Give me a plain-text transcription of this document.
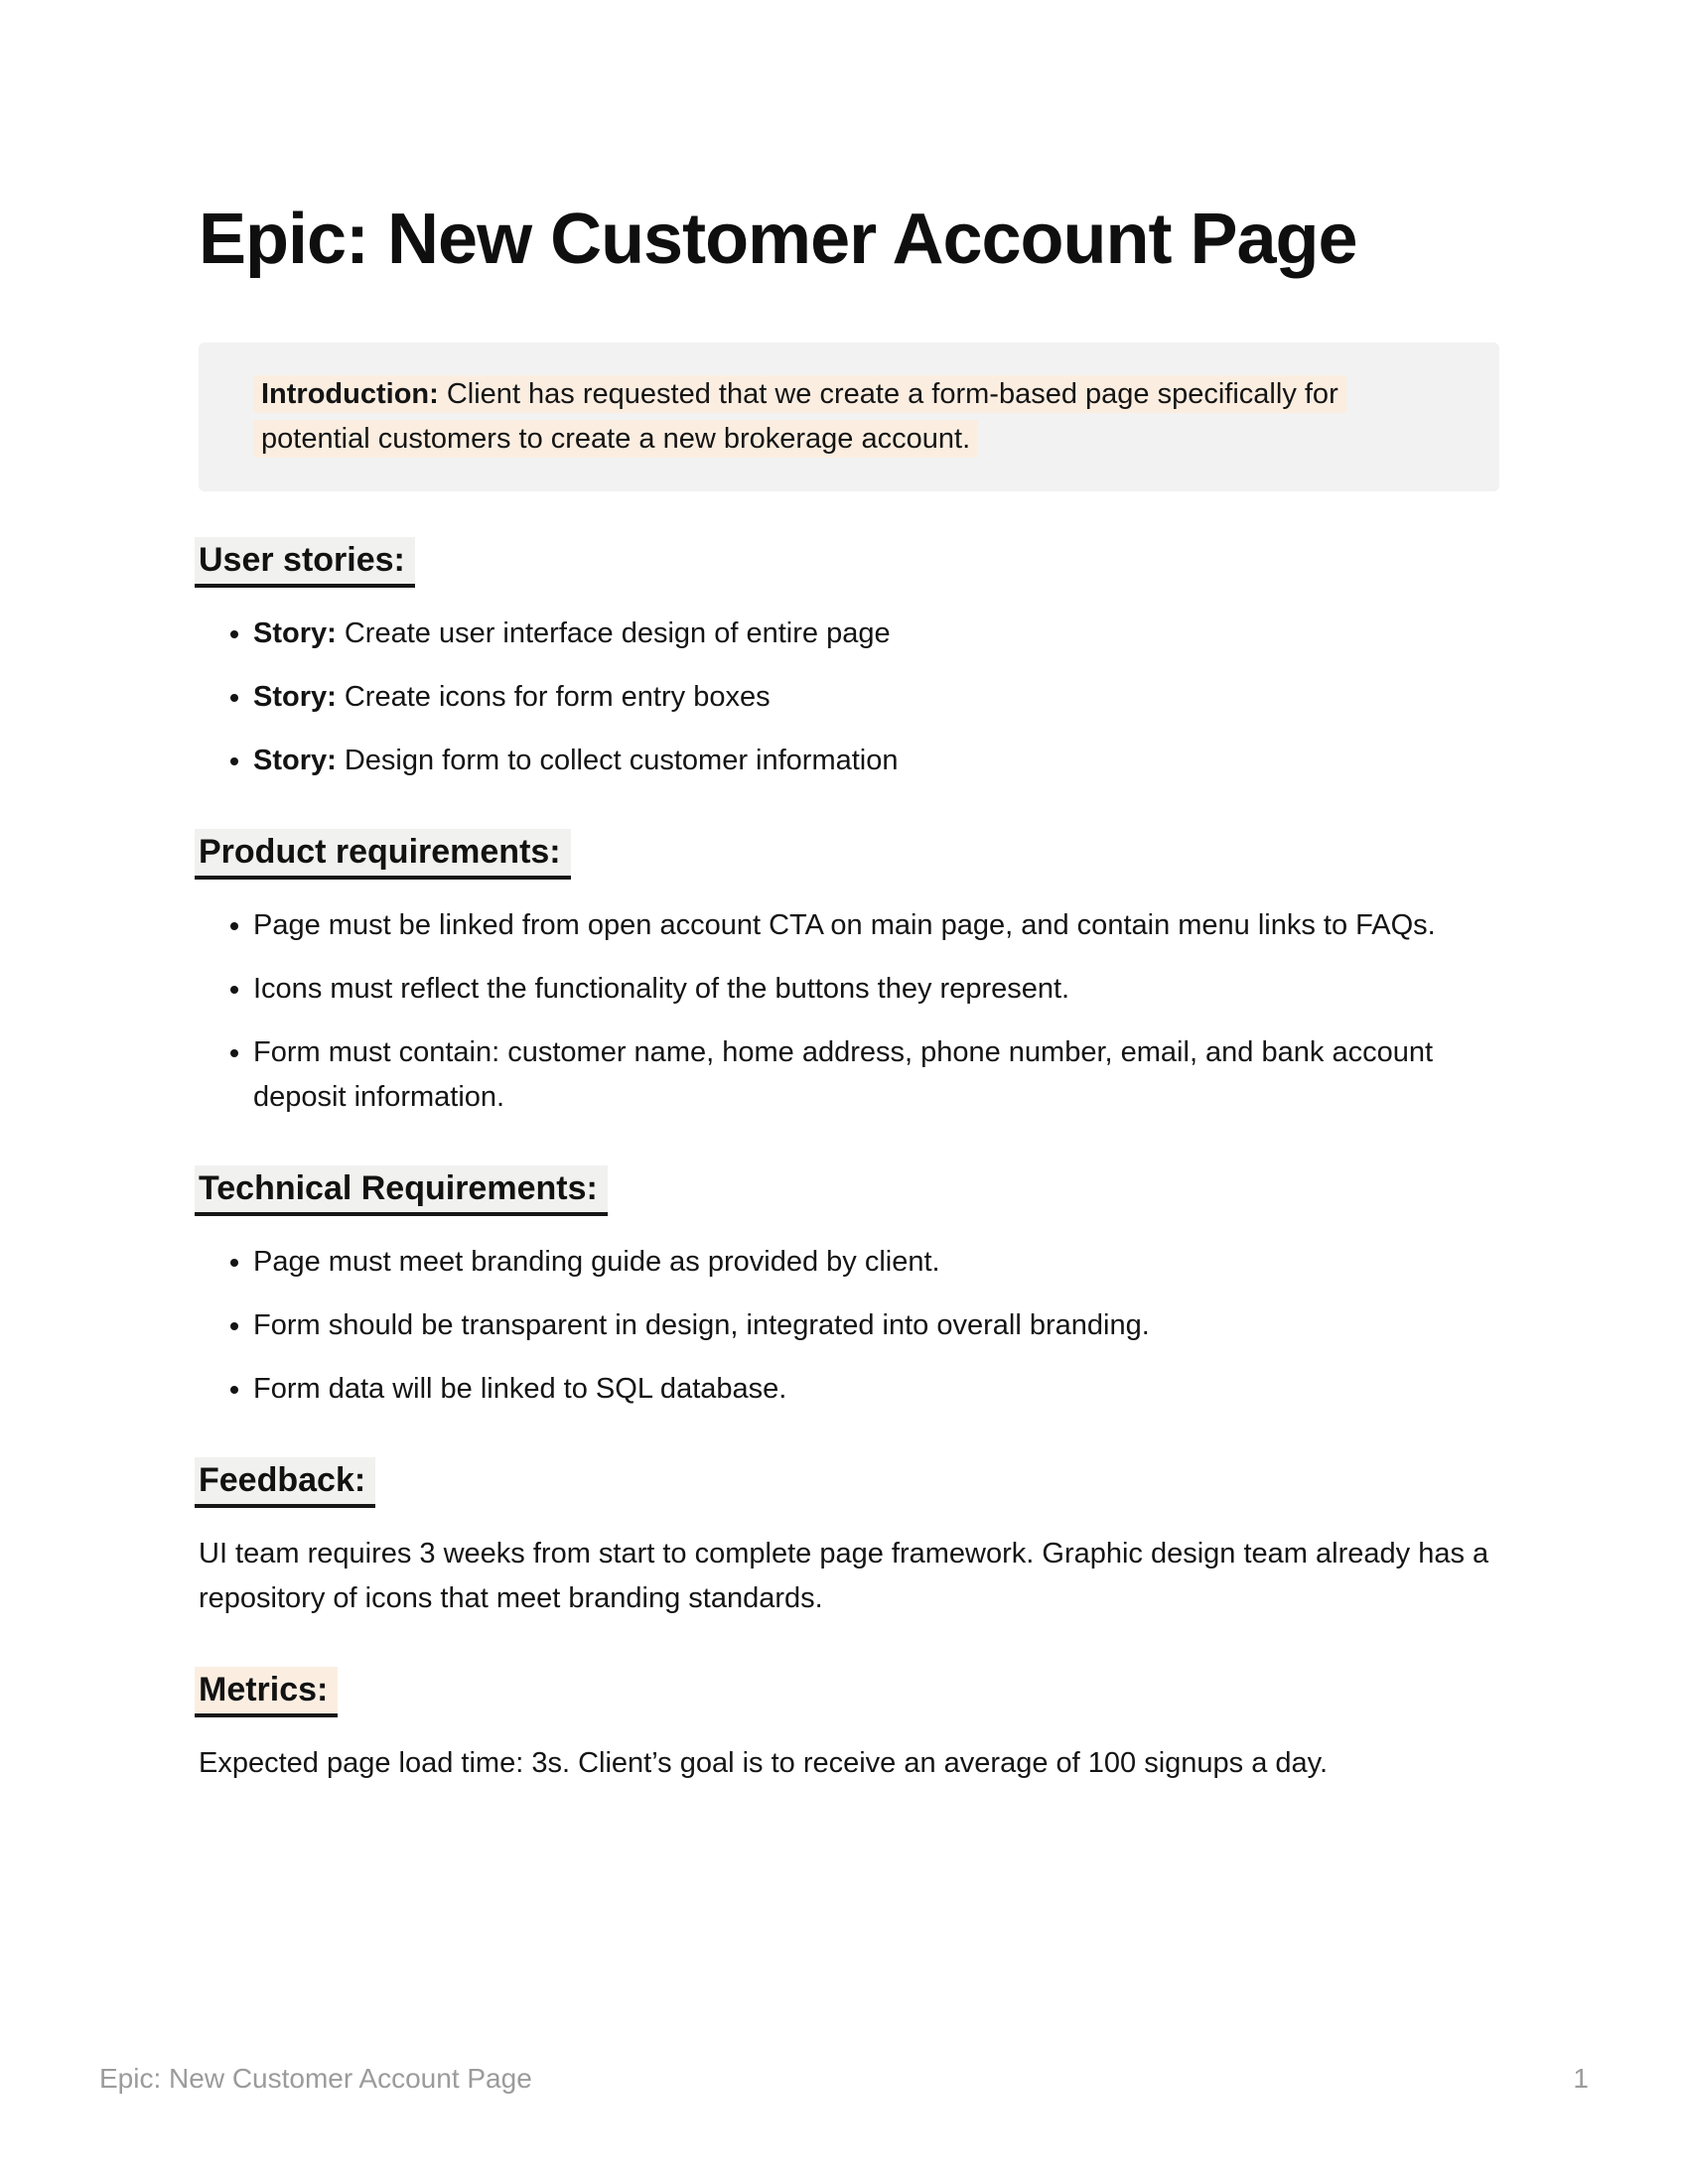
Epic: New Customer Account Page

Introduction: Client has requested that we create a form-based page specifically for potential customers to create a new brokerage account.

User stories:
• Story: Create user interface design of entire page
• Story: Create icons for form entry boxes
• Story: Design form to collect customer information
Product requirements:
• Page must be linked from open account CTA on main page, and contain menu links to FAQs.
• Icons must reflect the functionality of the buttons they represent.
• Form must contain: customer name, home address, phone number, email, and bank account deposit information.
Technical Requirements:
• Page must meet branding guide as provided by client.
• Form should be transparent in design, integrated into overall branding.
• Form data will be linked to SQL database.
Feedback:

UI team requires 3 weeks from start to complete page framework. Graphic design team already has a repository of icons that meet branding standards.

Metrics:

Expected page load time: 3s. Client’s goal is to receive an average of 100 signups a day.

Epic: New Customer Account Page	1
